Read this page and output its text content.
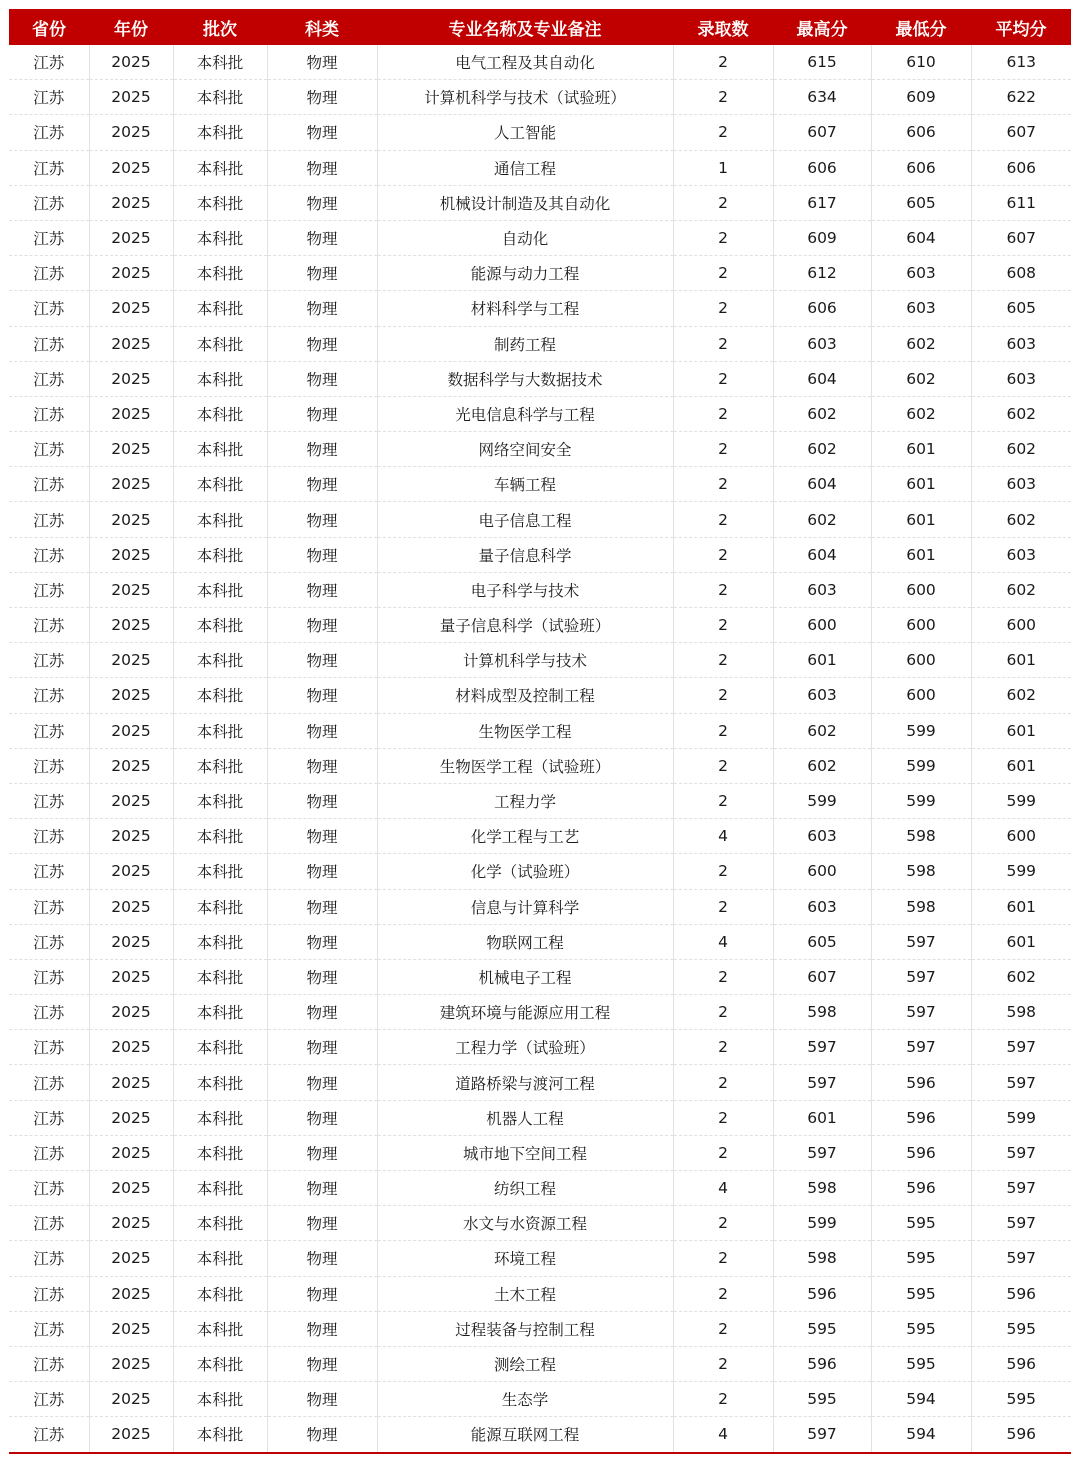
省份	年份	批次	科类	专业名称及专业备注	录取数	最高分	最低分	平均分
江苏	2025	本科批	物理	电气工程及其自动化	2	615	610	613
江苏	2025	本科批	物理	计算机科学与技术（试验班）	2	634	609	622
江苏	2025	本科批	物理	人工智能	2	607	606	607
江苏	2025	本科批	物理	通信工程	1	606	606	606
江苏	2025	本科批	物理	机械设计制造及其自动化	2	617	605	611
江苏	2025	本科批	物理	自动化	2	609	604	607
江苏	2025	本科批	物理	能源与动力工程	2	612	603	608
江苏	2025	本科批	物理	材料科学与工程	2	606	603	605
江苏	2025	本科批	物理	制药工程	2	603	602	603
江苏	2025	本科批	物理	数据科学与大数据技术	2	604	602	603
江苏	2025	本科批	物理	光电信息科学与工程	2	602	602	602
江苏	2025	本科批	物理	网络空间安全	2	602	601	602
江苏	2025	本科批	物理	车辆工程	2	604	601	603
江苏	2025	本科批	物理	电子信息工程	2	602	601	602
江苏	2025	本科批	物理	量子信息科学	2	604	601	603
江苏	2025	本科批	物理	电子科学与技术	2	603	600	602
江苏	2025	本科批	物理	量子信息科学（试验班）	2	600	600	600
江苏	2025	本科批	物理	计算机科学与技术	2	601	600	601
江苏	2025	本科批	物理	材料成型及控制工程	2	603	600	602
江苏	2025	本科批	物理	生物医学工程	2	602	599	601
江苏	2025	本科批	物理	生物医学工程（试验班）	2	602	599	601
江苏	2025	本科批	物理	工程力学	2	599	599	599
江苏	2025	本科批	物理	化学工程与工艺	4	603	598	600
江苏	2025	本科批	物理	化学（试验班）	2	600	598	599
江苏	2025	本科批	物理	信息与计算科学	2	603	598	601
江苏	2025	本科批	物理	物联网工程	4	605	597	601
江苏	2025	本科批	物理	机械电子工程	2	607	597	602
江苏	2025	本科批	物理	建筑环境与能源应用工程	2	598	597	598
江苏	2025	本科批	物理	工程力学（试验班）	2	597	597	597
江苏	2025	本科批	物理	道路桥梁与渡河工程	2	597	596	597
江苏	2025	本科批	物理	机器人工程	2	601	596	599
江苏	2025	本科批	物理	城市地下空间工程	2	597	596	597
江苏	2025	本科批	物理	纺织工程	4	598	596	597
江苏	2025	本科批	物理	水文与水资源工程	2	599	595	597
江苏	2025	本科批	物理	环境工程	2	598	595	597
江苏	2025	本科批	物理	土木工程	2	596	595	596
江苏	2025	本科批	物理	过程装备与控制工程	2	595	595	595
江苏	2025	本科批	物理	测绘工程	2	596	595	596
江苏	2025	本科批	物理	生态学	2	595	594	595
江苏	2025	本科批	物理	能源互联网工程	4	597	594	596
